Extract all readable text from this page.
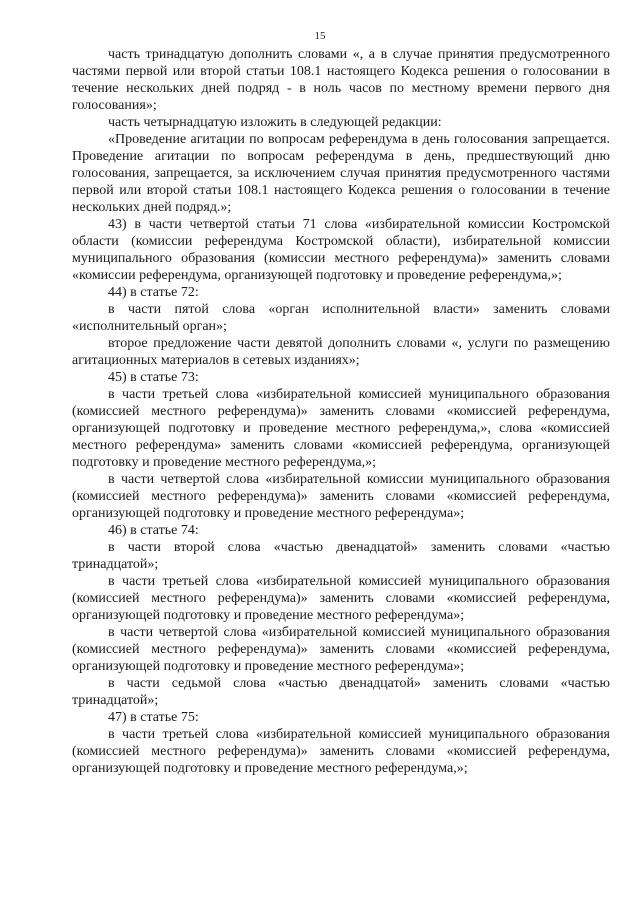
15

часть тринадцатую дополнить словами «, а в случае принятия предусмотренного частями первой или второй статьи 108.1 настоящего Кодекса решения о голосовании в течение нескольких дней подряд - в ноль часов по местному времени первого дня голосования»;

часть четырнадцатую изложить в следующей редакции:

«Проведение агитации по вопросам референдума в день голосования запрещается. Проведение агитации по вопросам референдума в день, предшествующий дню голосования, запрещается, за исключением случая принятия предусмотренного частями первой или второй статьи 108.1 настоящего Кодекса решения о голосовании в течение нескольких дней подряд.»;

43) в части четвертой статьи 71 слова «избирательной комиссии Костромской области (комиссии референдума Костромской области), избирательной комиссии муниципального образования (комиссии местного референдума)» заменить словами «комиссии референдума, организующей подготовку и проведение референдума,»;

44) в статье 72:

в части пятой слова «орган исполнительной власти» заменить словами «исполнительный орган»;

второе предложение части девятой дополнить словами «, услуги по размещению агитационных материалов в сетевых изданиях»;

45) в статье 73:

в части третьей слова «избирательной комиссией муниципального образования (комиссией местного референдума)» заменить словами «комиссией референдума, организующей подготовку и проведение местного референдума,», слова «комиссией местного референдума» заменить словами «комиссией референдума, организующей подготовку и проведение местного референдума,»;

в части четвертой слова «избирательной комиссии муниципального образования (комиссией местного референдума)» заменить словами «комиссией референдума, организующей подготовку и проведение местного референдума»;

46) в статье 74:

в части второй слова «частью двенадцатой» заменить словами «частью тринадцатой»;

в части третьей слова «избирательной комиссией муниципального образования (комиссией местного референдума)» заменить словами «комиссией референдума, организующей подготовку и проведение местного референдума»;

в части четвертой слова «избирательной комиссией муниципального образования (комиссией местного референдума)» заменить словами «комиссией референдума, организующей подготовку и проведение местного референдума»;

в части седьмой слова «частью двенадцатой» заменить словами «частью тринадцатой»;

47) в статье 75:

в части третьей слова «избирательной комиссией муниципального образования (комиссией местного референдума)» заменить словами «комиссией референдума, организующей подготовку и проведение местного референдума,»;
